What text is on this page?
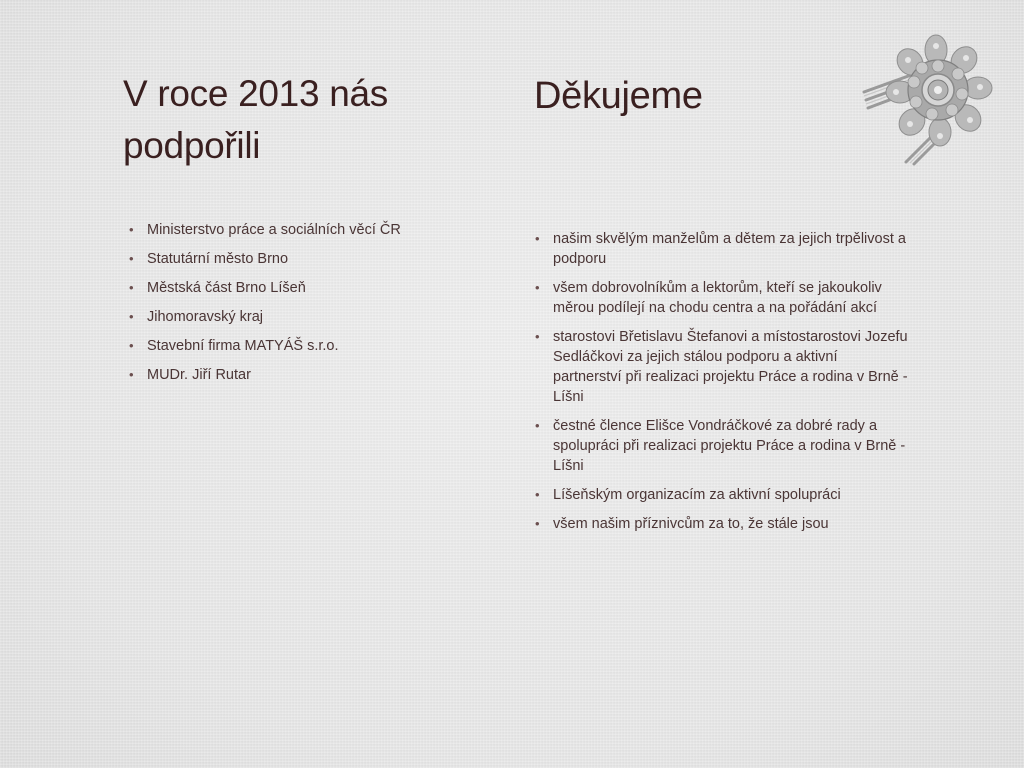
V roce 2013 nás podpořili
• Ministerstvo práce a sociálních věcí ČR
• Statutární město Brno
• Městská část Brno Líšeň
• Jihomoravský kraj
• Stavební firma MATYÁŠ s.r.o.
• MUDr. Jiří Rutar
Děkujeme
• našim skvělým manželům a dětem za jejich trpělivost a podporu
• všem dobrovolníkům a lektorům, kteří se jakoukoliv měrou podílejí na chodu centra a na pořádání akcí
• starostovi Břetislavu Štefanovi a místostarostovi Jozefu Sedláčkovi za jejich stálou podporu a aktivní partnerství při realizaci projektu Práce a rodina v Brně - Líšni
• čestné člence Elišce Vondráčkové za dobré rady a spolupráci při realizaci projektu Práce a rodina v Brně - Líšni
• Líšeňským organizacím za aktivní spolupráci
• všem našim příznivcům za to, že stále jsou
